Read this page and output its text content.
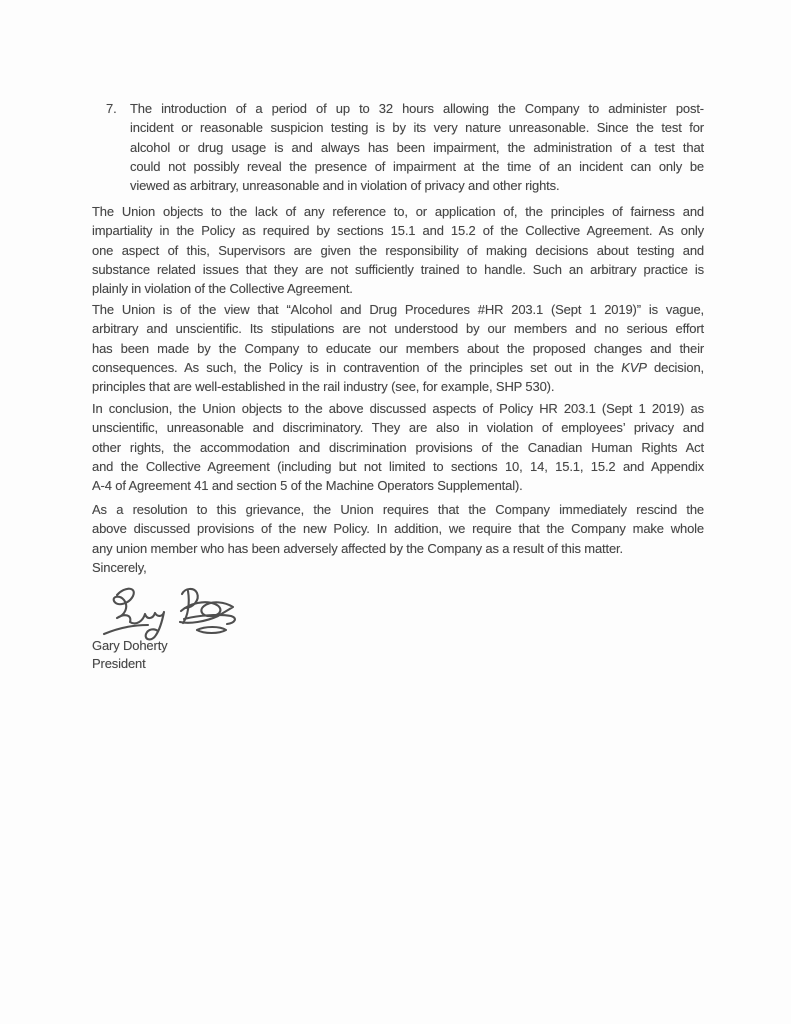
7.	The introduction of a period of up to 32 hours allowing the Company to administer post-
incident or reasonable suspicion testing is by its very nature unreasonable. Since the test for
alcohol or drug usage is and always has been impairment, the administration of a test that
could not possibly reveal the presence of impairment at the time of an incident can only be
viewed as arbitrary, unreasonable and in violation of privacy and other rights.
The Union objects to the lack of any reference to, or application of, the principles of fairness and
impartiality in the Policy as required by sections 15.1 and 15.2 of the Collective Agreement. As only
one aspect of this, Supervisors are given the responsibility of making decisions about testing and
substance related issues that they are not sufficiently trained to handle. Such an arbitrary practice is
plainly in violation of the Collective Agreement.
The Union is of the view that “Alcohol and Drug Procedures #HR 203.1 (Sept 1 2019)” is vague,
arbitrary and unscientific. Its stipulations are not understood by our members and no serious effort
has been made by the Company to educate our members about the proposed changes and their
consequences. As such, the Policy is in contravention of the principles set out in the KVP decision,
principles that are well-established in the rail industry (see, for example, SHP 530).
In conclusion, the Union objects to the above discussed aspects of Policy HR 203.1 (Sept 1 2019) as
unscientific, unreasonable and discriminatory. They are also in violation of employees’ privacy and
other rights, the accommodation and discrimination provisions of the Canadian Human Rights Act
and the Collective Agreement (including but not limited to sections 10, 14, 15.1, 15.2 and Appendix
A-4 of Agreement 41 and section 5 of the Machine Operators Supplemental).
As a resolution to this grievance, the Union requires that the Company immediately rescind the
above discussed provisions of the new Policy. In addition, we require that the Company make whole
any union member who has been adversely affected by the Company as a result of this matter.
Sincerely,
Gary Doherty
President
